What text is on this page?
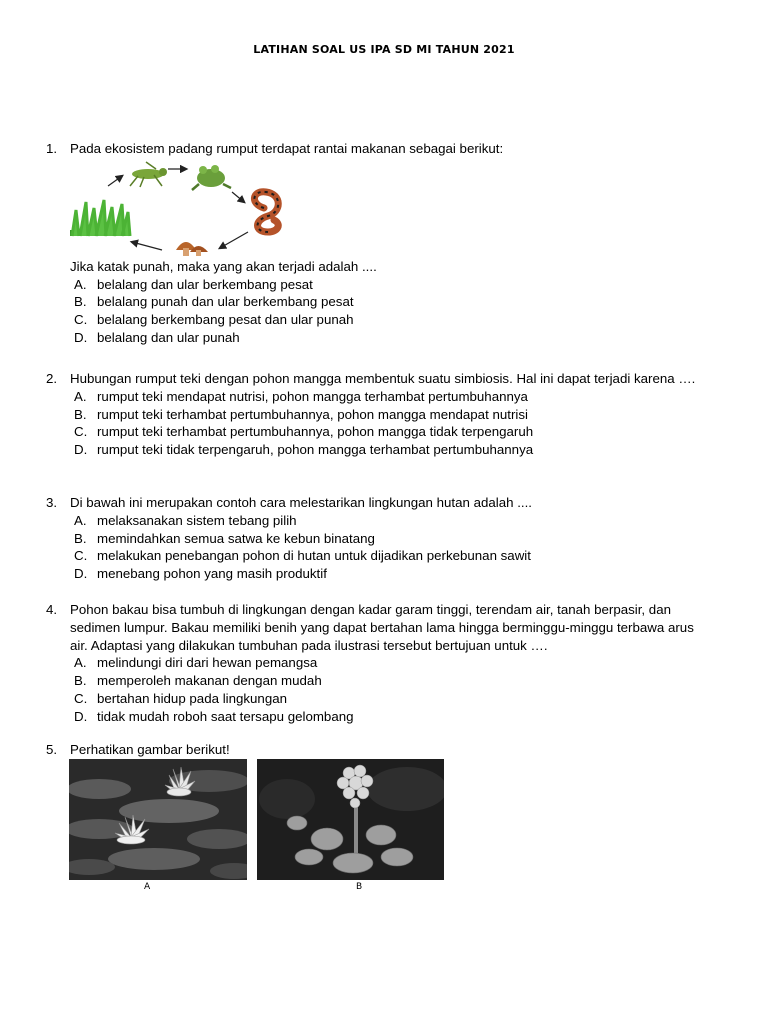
LATIHAN SOAL US IPA SD MI TAHUN 2021
1. Pada ekosistem padang rumput terdapat rantai makanan sebagai berikut:
Jika katak punah, maka yang akan terjadi adalah ....
A. belalang dan ular berkembang pesat
B. belalang punah dan ular berkembang pesat
C. belalang berkembang pesat dan ular punah
D. belalang dan ular punah
2. Hubungan rumput teki dengan pohon mangga membentuk suatu simbiosis. Hal ini dapat terjadi karena ….
A. rumput teki mendapat nutrisi, pohon mangga terhambat pertumbuhannya
B. rumput teki terhambat pertumbuhannya, pohon mangga mendapat nutrisi
C. rumput teki terhambat pertumbuhannya, pohon mangga tidak terpengaruh
D. rumput teki tidak terpengaruh, pohon mangga terhambat pertumbuhannya
3. Di bawah ini merupakan contoh cara melestarikan lingkungan hutan adalah ....
A. melaksanakan sistem tebang pilih
B. memindahkan semua satwa ke kebun binatang
C. melakukan penebangan pohon di hutan untuk dijadikan perkebunan sawit
D. menebang pohon yang masih produktif
4. Pohon bakau bisa tumbuh di lingkungan dengan kadar garam tinggi, terendam air, tanah berpasir, dan sedimen lumpur. Bakau memiliki benih yang dapat bertahan lama hingga berminggu-minggu terbawa arus air. Adaptasi yang dilakukan tumbuhan pada ilustrasi tersebut bertujuan untuk ….
A. melindungi diri dari hewan pemangsa
B. memperoleh makanan dengan mudah
C. bertahan hidup pada lingkungan
D. tidak mudah roboh saat tersapu gelombang
5. Perhatikan gambar berikut!
A	B
